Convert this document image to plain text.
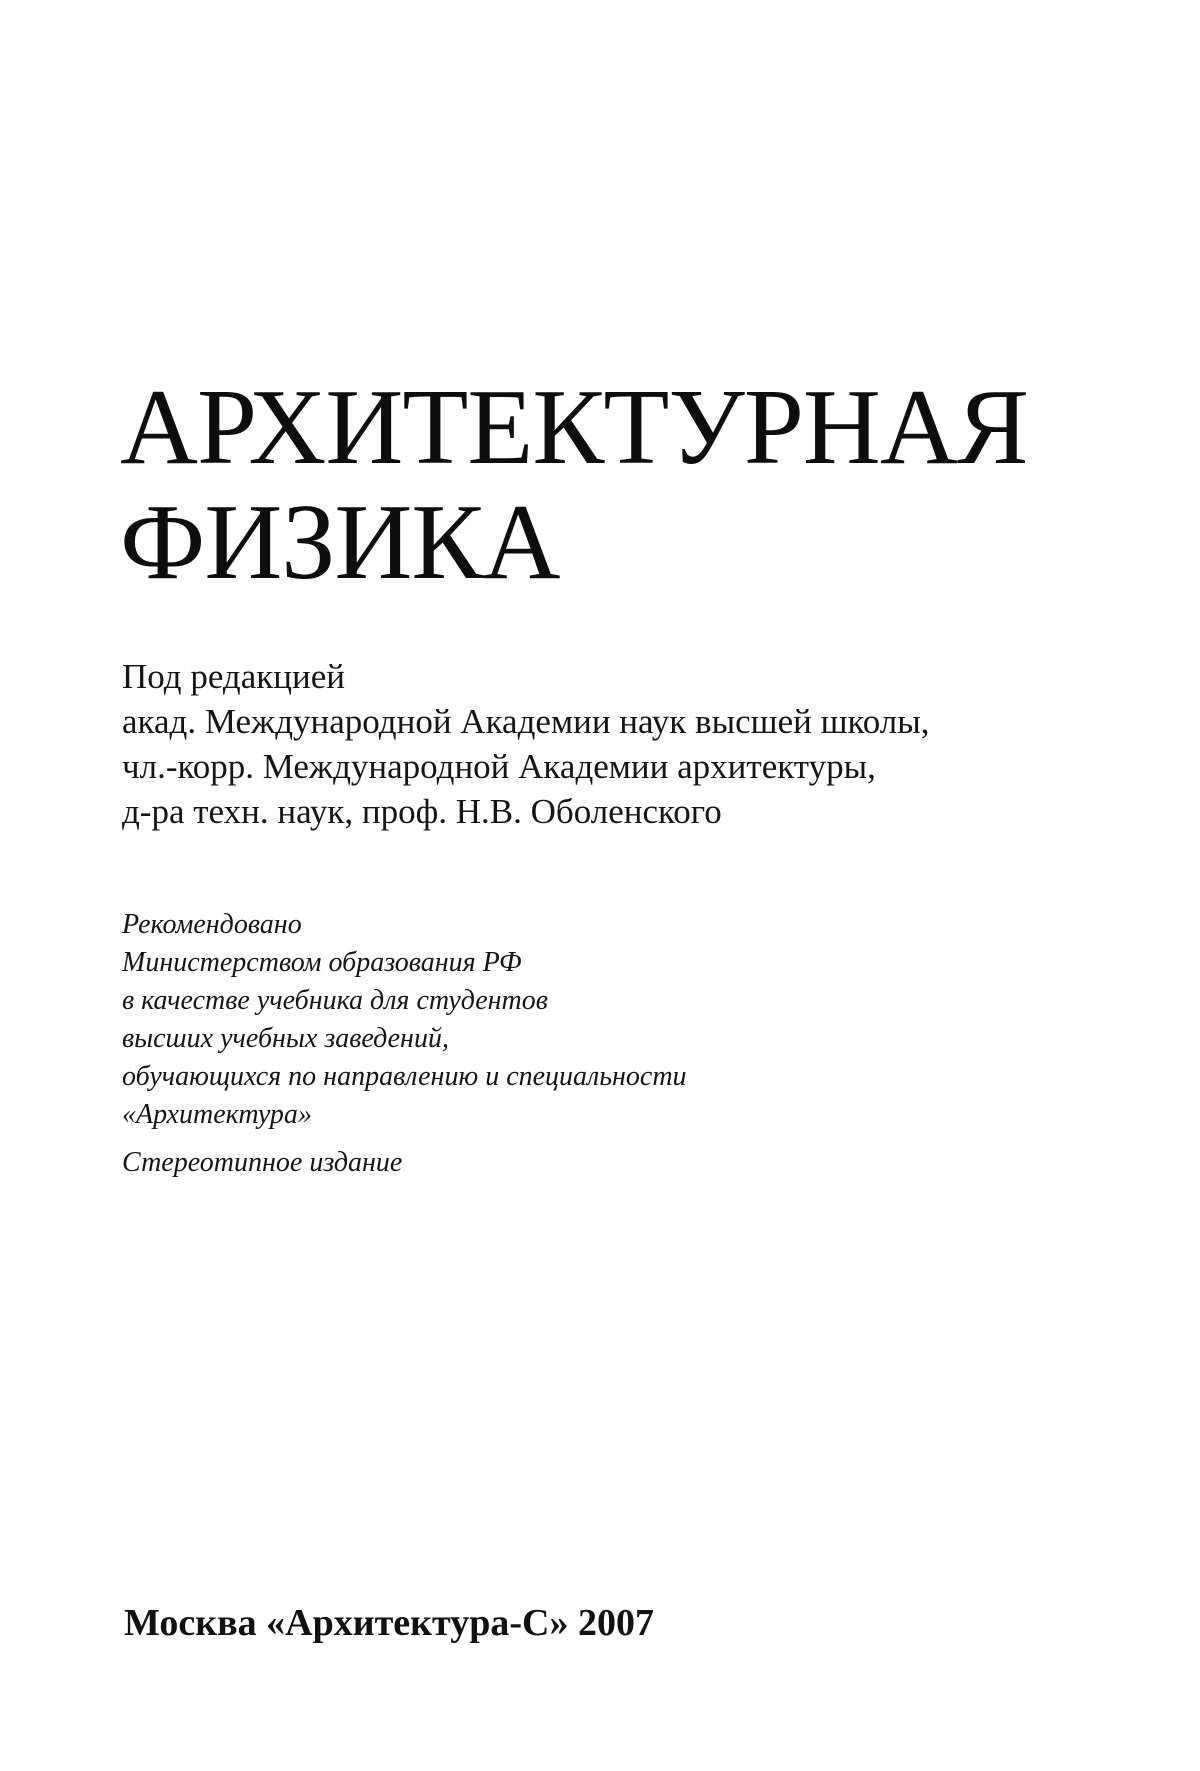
АРХИТЕКТУРНАЯ
ФИЗИКА
Под редакцией
акад. Международной Академии наук высшей школы,
чл.-корр. Международной Академии архитектуры,
д-ра техн. наук, проф. Н.В. Оболенского
Рекомендовано
Министерством образования РФ
в качестве учебника для студентов
высших учебных заведений,
обучающихся по направлению и специальности
«Архитектура»
Стереотипное издание
Москва «Архитектура-С» 2007
